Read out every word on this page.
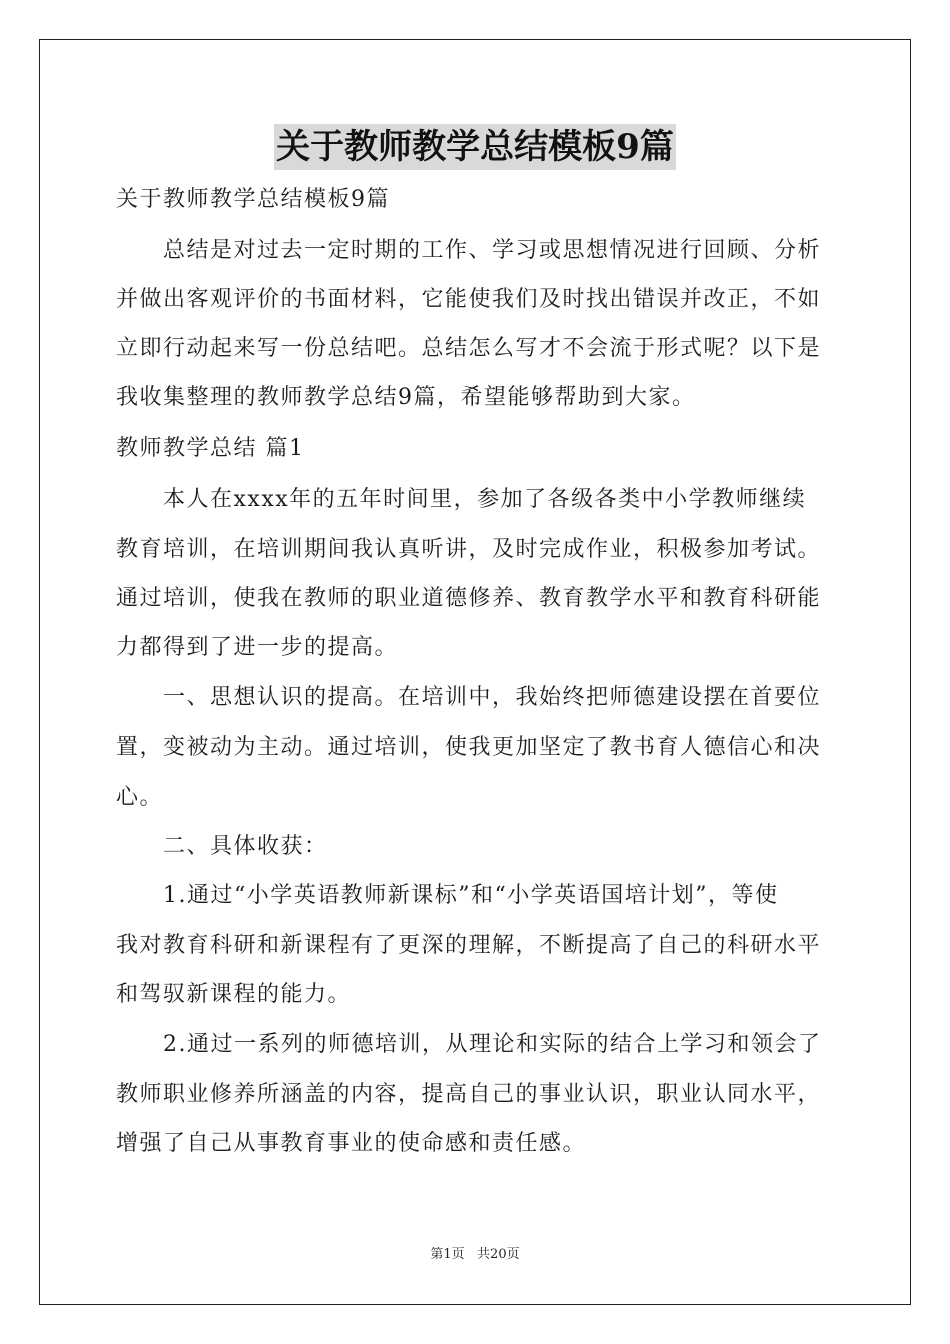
关于教师教学总结模板9篇
关于教师教学总结模板9篇
　　总结是对过去一定时期的工作、学习或思想情况进行回顾、分析
并做出客观评价的书面材料，它能使我们及时找出错误并改正，不如
立即行动起来写一份总结吧。总结怎么写才不会流于形式呢？以下是
我收集整理的教师教学总结9篇，希望能够帮助到大家。
教师教学总结 篇1
　　本人在xxxx年的五年时间里，参加了各级各类中小学教师继续
教育培训，在培训期间我认真听讲，及时完成作业，积极参加考试。
通过培训，使我在教师的职业道德修养、教育教学水平和教育科研能
力都得到了进一步的提高。
　　一、思想认识的提高。在培训中，我始终把师德建设摆在首要位
置，变被动为主动。通过培训，使我更加坚定了教书育人德信心和决
心。
　　二、具体收获：
　　1.通过“小学英语教师新课标”和“小学英语国培计划”，等使
我对教育科研和新课程有了更深的理解，不断提高了自己的科研水平
和驾驭新课程的能力。
　　2.通过一系列的师德培训，从理论和实际的结合上学习和领会了
教师职业修养所涵盖的内容，提高自己的事业认识，职业认同水平，
增强了自己从事教育事业的使命感和责任感。
第1页   共20页
